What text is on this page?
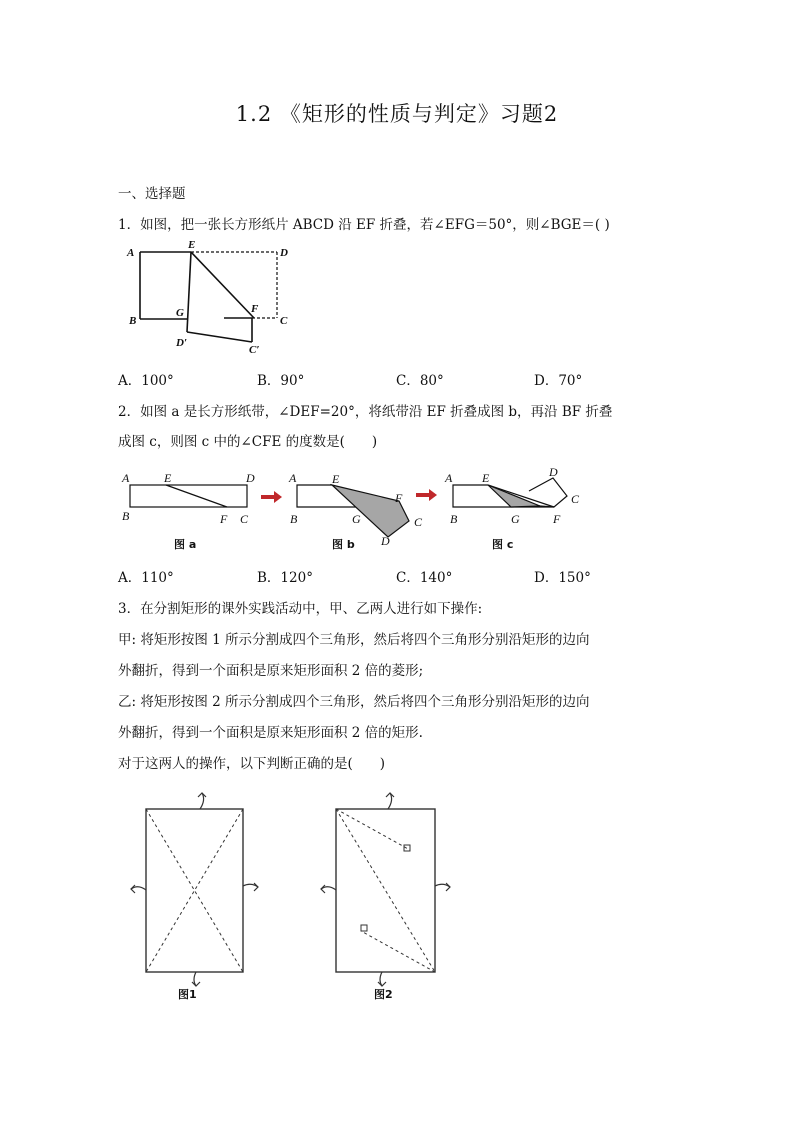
1.2 《矩形的性质与判定》习题2
一、选择题
1．如图，把一张长方形纸片 ABCD 沿 EF 折叠，若∠EFG＝50°，则∠BGE＝( )
A
E
D
B
G	F
C
D′
C′
A．100°	B．90°	C．80°	D．70°
2．如图 a 是长方形纸带，∠DEF=20°，将纸带沿 EF 折叠成图 b，再沿 BF 折叠
成图 c，则图 c 中的∠CFE 的度数是(　　)
A	E	D
B	F C
图 a
A	E
F
B	G	C
D
图 b
A E	D
C
B	G	F
图 c
A．110°	B．120°	C．140°	D．150°
3．在分割矩形的课外实践活动中，甲、乙两人进行如下操作:
甲: 将矩形按图 1 所示分割成四个三角形，然后将四个三角形分别沿矩形的边向
外翻折，得到一个面积是原来矩形面积 2 倍的菱形;
乙: 将矩形按图 2 所示分割成四个三角形，然后将四个三角形分别沿矩形的边向
外翻折，得到一个面积是原来矩形面积 2 倍的矩形.
对于这两人的操作，以下判断正确的是(　　)
图1	图2
